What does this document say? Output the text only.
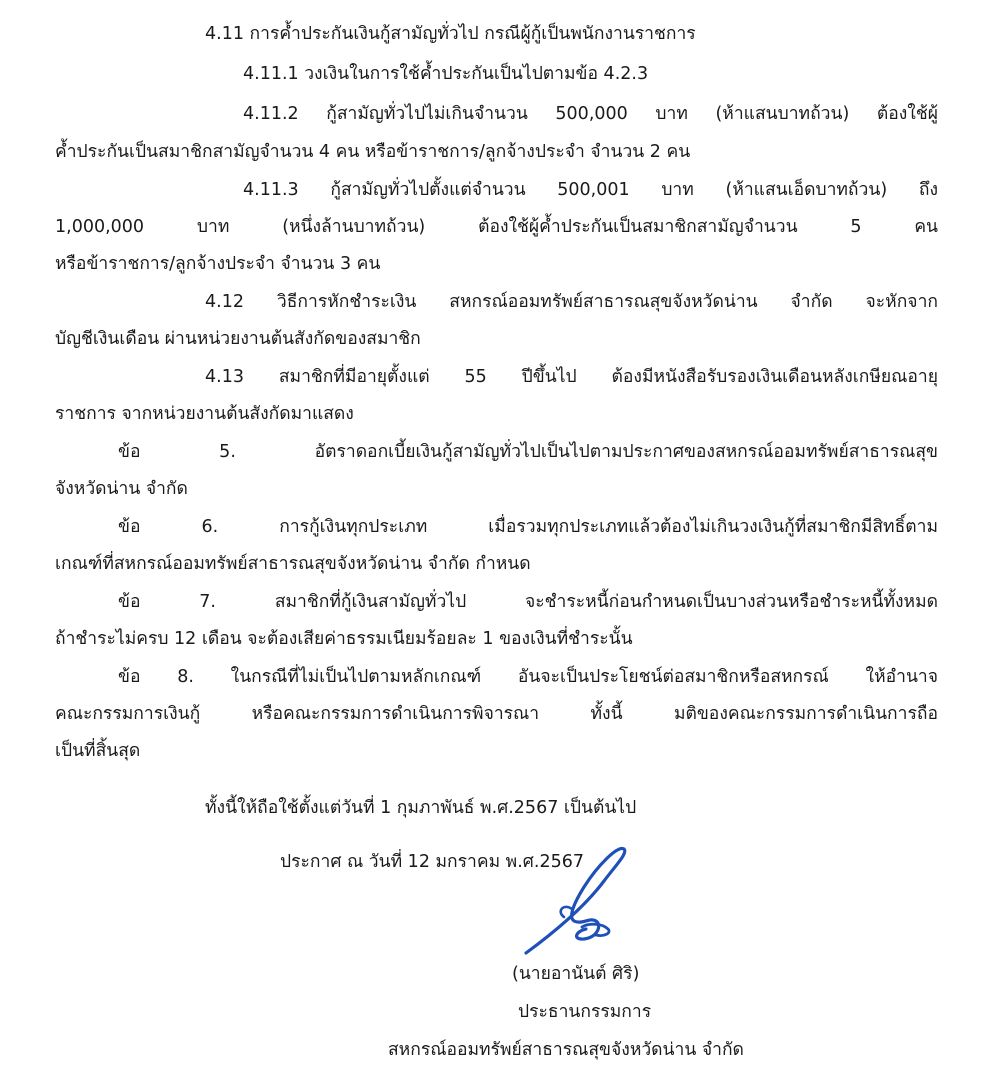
4.11 การค้ำประกันเงินกู้สามัญทั่วไป กรณีผู้กู้เป็นพนักงานราชการ
4.11.1 วงเงินในการใช้ค้ำประกันเป็นไปตามข้อ 4.2.3
4.11.2 กู้สามัญทั่วไปไม่เกินจำนวน 500,000 บาท (ห้าแสนบาทถ้วน) ต้องใช้ผู้
ค้ำประกันเป็นสมาชิกสามัญจำนวน 4 คน หรือข้าราชการ/ลูกจ้างประจำ จำนวน 2 คน
4.11.3 กู้สามัญทั่วไปตั้งแต่จำนวน 500,001 บาท (ห้าแสนเอ็ดบาทถ้วน) ถึง
1,000,000 บาท (หนึ่งล้านบาทถ้วน) ต้องใช้ผู้ค้ำประกันเป็นสมาชิกสามัญจำนวน 5 คน
หรือข้าราชการ/ลูกจ้างประจำ จำนวน 3 คน
4.12 วิธีการหักชำระเงิน สหกรณ์ออมทรัพย์สาธารณสุขจังหวัดน่าน จำกัด จะหักจาก
บัญชีเงินเดือน ผ่านหน่วยงานต้นสังกัดของสมาชิก
4.13 สมาชิกที่มีอายุตั้งแต่ 55 ปีขึ้นไป ต้องมีหนังสือรับรองเงินเดือนหลังเกษียณอายุ
ราชการ จากหน่วยงานต้นสังกัดมาแสดง
ข้อ 5. อัตราดอกเบี้ยเงินกู้สามัญทั่วไปเป็นไปตามประกาศของสหกรณ์ออมทรัพย์สาธารณสุข
จังหวัดน่าน จำกัด
ข้อ 6. การกู้เงินทุกประเภท เมื่อรวมทุกประเภทแล้วต้องไม่เกินวงเงินกู้ที่สมาชิกมีสิทธิ์ตาม
เกณฑ์ที่สหกรณ์ออมทรัพย์สาธารณสุขจังหวัดน่าน จำกัด กำหนด
ข้อ 7. สมาชิกที่กู้เงินสามัญทั่วไป จะชำระหนี้ก่อนกำหนดเป็นบางส่วนหรือชำระหนี้ทั้งหมด
ถ้าชำระไม่ครบ 12 เดือน จะต้องเสียค่าธรรมเนียมร้อยละ 1 ของเงินที่ชำระนั้น
ข้อ 8. ในกรณีที่ไม่เป็นไปตามหลักเกณฑ์ อันจะเป็นประโยชน์ต่อสมาชิกหรือสหกรณ์ ให้อำนาจ
คณะกรรมการเงินกู้ หรือคณะกรรมการดำเนินการพิจารณา ทั้งนี้ มติของคณะกรรมการดำเนินการถือ
เป็นที่สิ้นสุด
ทั้งนี้ให้ถือใช้ตั้งแต่วันที่ 1 กุมภาพันธ์ พ.ศ.2567 เป็นต้นไป
ประกาศ ณ วันที่ 12 มกราคม พ.ศ.2567
(นายอานันต์ ศิริ)
ประธานกรรมการ
สหกรณ์ออมทรัพย์สาธารณสุขจังหวัดน่าน จำกัด
